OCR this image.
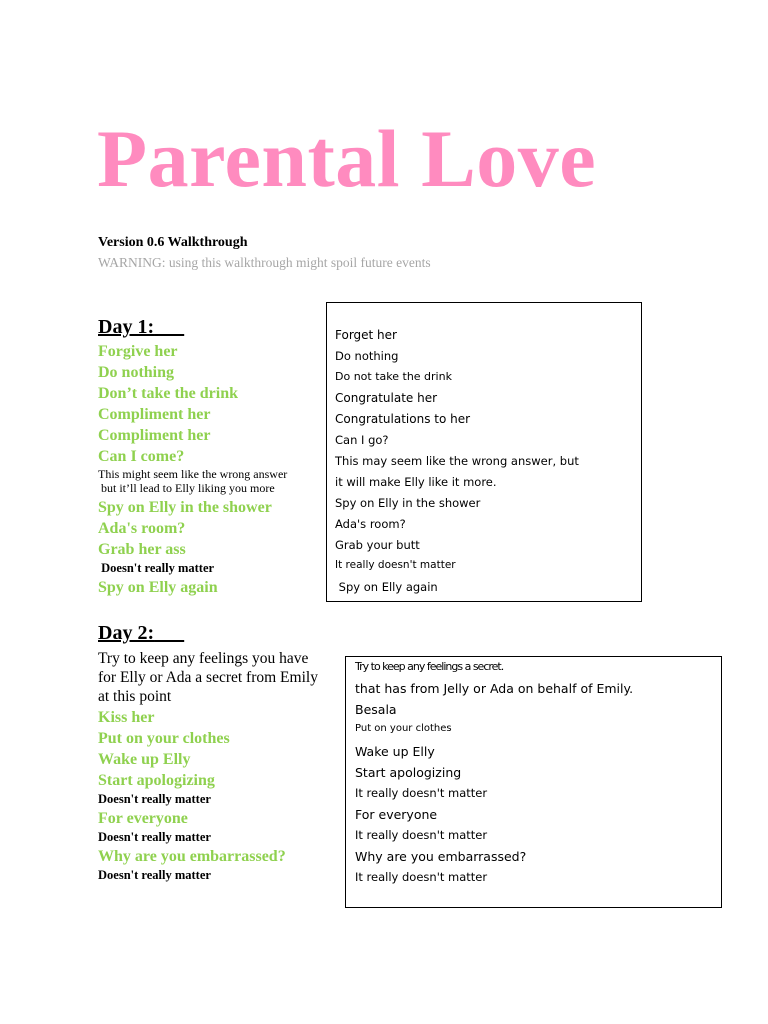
Parental Love
Version 0.6 Walkthrough
WARNING: using this walkthrough might spoil future events
Day 1:
Forgive her
Do nothing
Don’t take the drink
Compliment her
Compliment her
Can I come?
This might seem like the wrong answer
but it’ll lead to Elly liking you more
Spy on Elly in the shower
Ada's room?
Grab her ass
Doesn't really matter
Spy on Elly again
Forget her
Do nothing
Do not take the drink
Congratulate her
Congratulations to her
Can I go?
This may seem like the wrong answer, but
it will make Elly like it more.
Spy on Elly in the shower
Ada's room?
Grab your butt
It really doesn't matter
Spy on Elly again
Day 2:
Try to keep any feelings you have
for Elly or Ada a secret from Emily
at this point
Kiss her
Put on your clothes
Wake up Elly
Start apologizing
Doesn't really matter
For everyone
Doesn't really matter
Why are you embarrassed?
Doesn't really matter
Try to keep any feelings a secret.
that has from Jelly or Ada on behalf of Emily.
Besala
Put on your clothes
Wake up Elly
Start apologizing
It really doesn't matter
For everyone
It really doesn't matter
Why are you embarrassed?
It really doesn't matter
